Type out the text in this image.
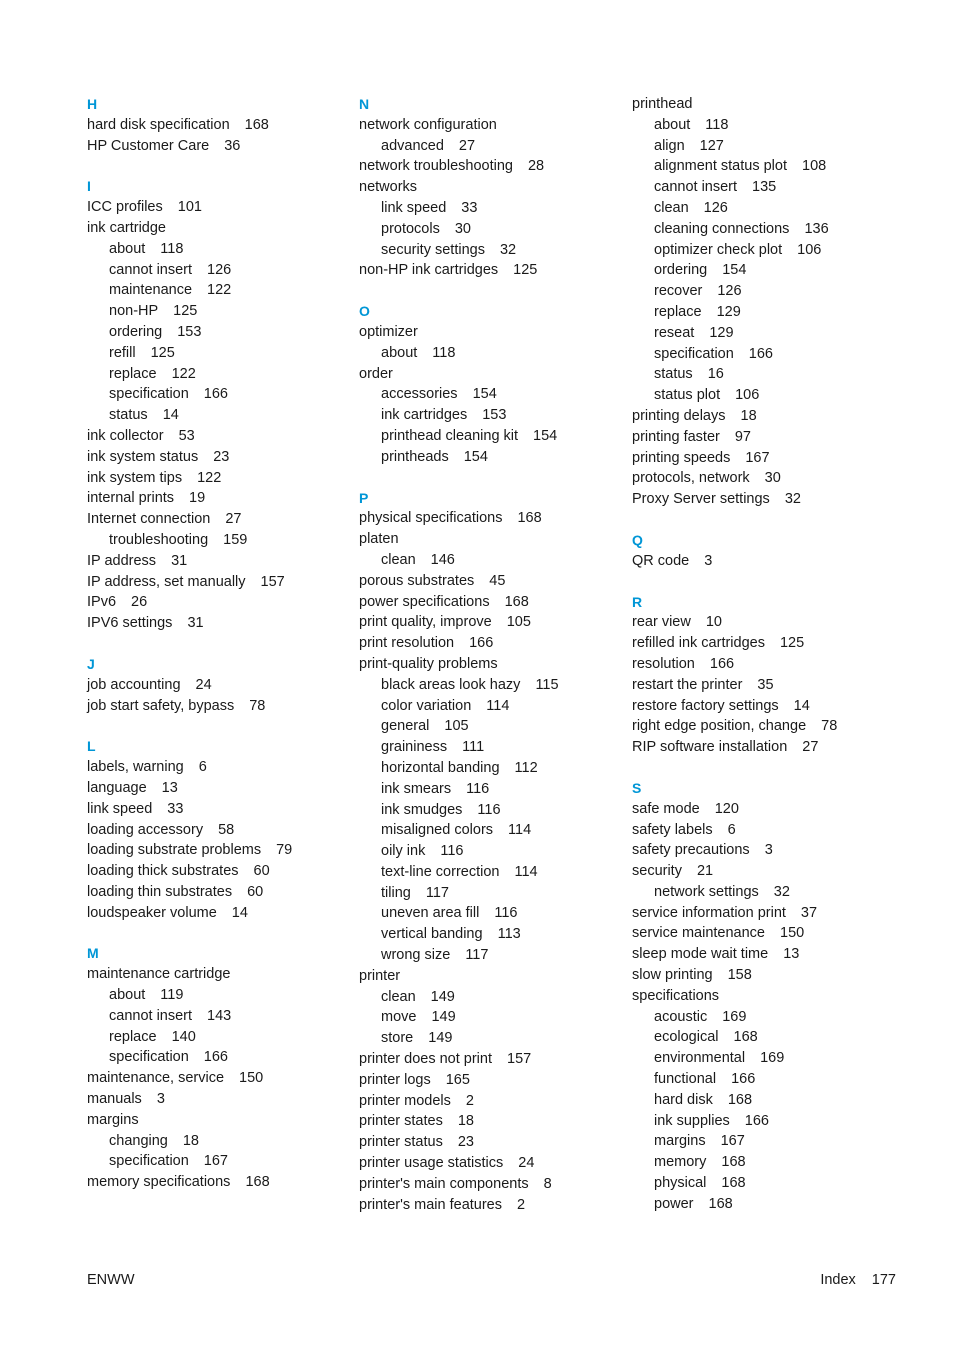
H
hard disk specification 168
HP Customer Care 36
I
ICC profiles 101
ink cartridge
about 118
cannot insert 126
maintenance 122
non-HP 125
ordering 153
refill 125
replace 122
specification 166
status 14
ink collector 53
ink system status 23
ink system tips 122
internal prints 19
Internet connection 27
troubleshooting 159
IP address 31
IP address, set manually 157
IPv6 26
IPV6 settings 31
J
job accounting 24
job start safety, bypass 78
L
labels, warning 6
language 13
link speed 33
loading accessory 58
loading substrate problems 79
loading thick substrates 60
loading thin substrates 60
loudspeaker volume 14
M
maintenance cartridge
about 119
cannot insert 143
replace 140
specification 166
maintenance, service 150
manuals 3
margins
changing 18
specification 167
memory specifications 168
N
network configuration
advanced 27
network troubleshooting 28
networks
link speed 33
protocols 30
security settings 32
non-HP ink cartridges 125
O
optimizer
about 118
order
accessories 154
ink cartridges 153
printhead cleaning kit 154
printheads 154
P
physical specifications 168
platen
clean 146
porous substrates 45
power specifications 168
print quality, improve 105
print resolution 166
print-quality problems
black areas look hazy 115
color variation 114
general 105
graininess 111
horizontal banding 112
ink smears 116
ink smudges 116
misaligned colors 114
oily ink 116
text-line correction 114
tiling 117
uneven area fill 116
vertical banding 113
wrong size 117
printer
clean 149
move 149
store 149
printer does not print 157
printer logs 165
printer models 2
printer states 18
printer status 23
printer usage statistics 24
printer's main components 8
printer's main features 2
printhead
about 118
align 127
alignment status plot 108
cannot insert 135
clean 126
cleaning connections 136
optimizer check plot 106
ordering 154
recover 126
replace 129
reseat 129
specification 166
status 16
status plot 106
printing delays 18
printing faster 97
printing speeds 167
protocols, network 30
Proxy Server settings 32
Q
QR code 3
R
rear view 10
refilled ink cartridges 125
resolution 166
restart the printer 35
restore factory settings 14
right edge position, change 78
RIP software installation 27
S
safe mode 120
safety labels 6
safety precautions 3
security 21
network settings 32
service information print 37
service maintenance 150
sleep mode wait time 13
slow printing 158
specifications
acoustic 169
ecological 168
environmental 169
functional 166
hard disk 168
ink supplies 166
margins 167
memory 168
physical 168
power 168
ENWW	Index 177
